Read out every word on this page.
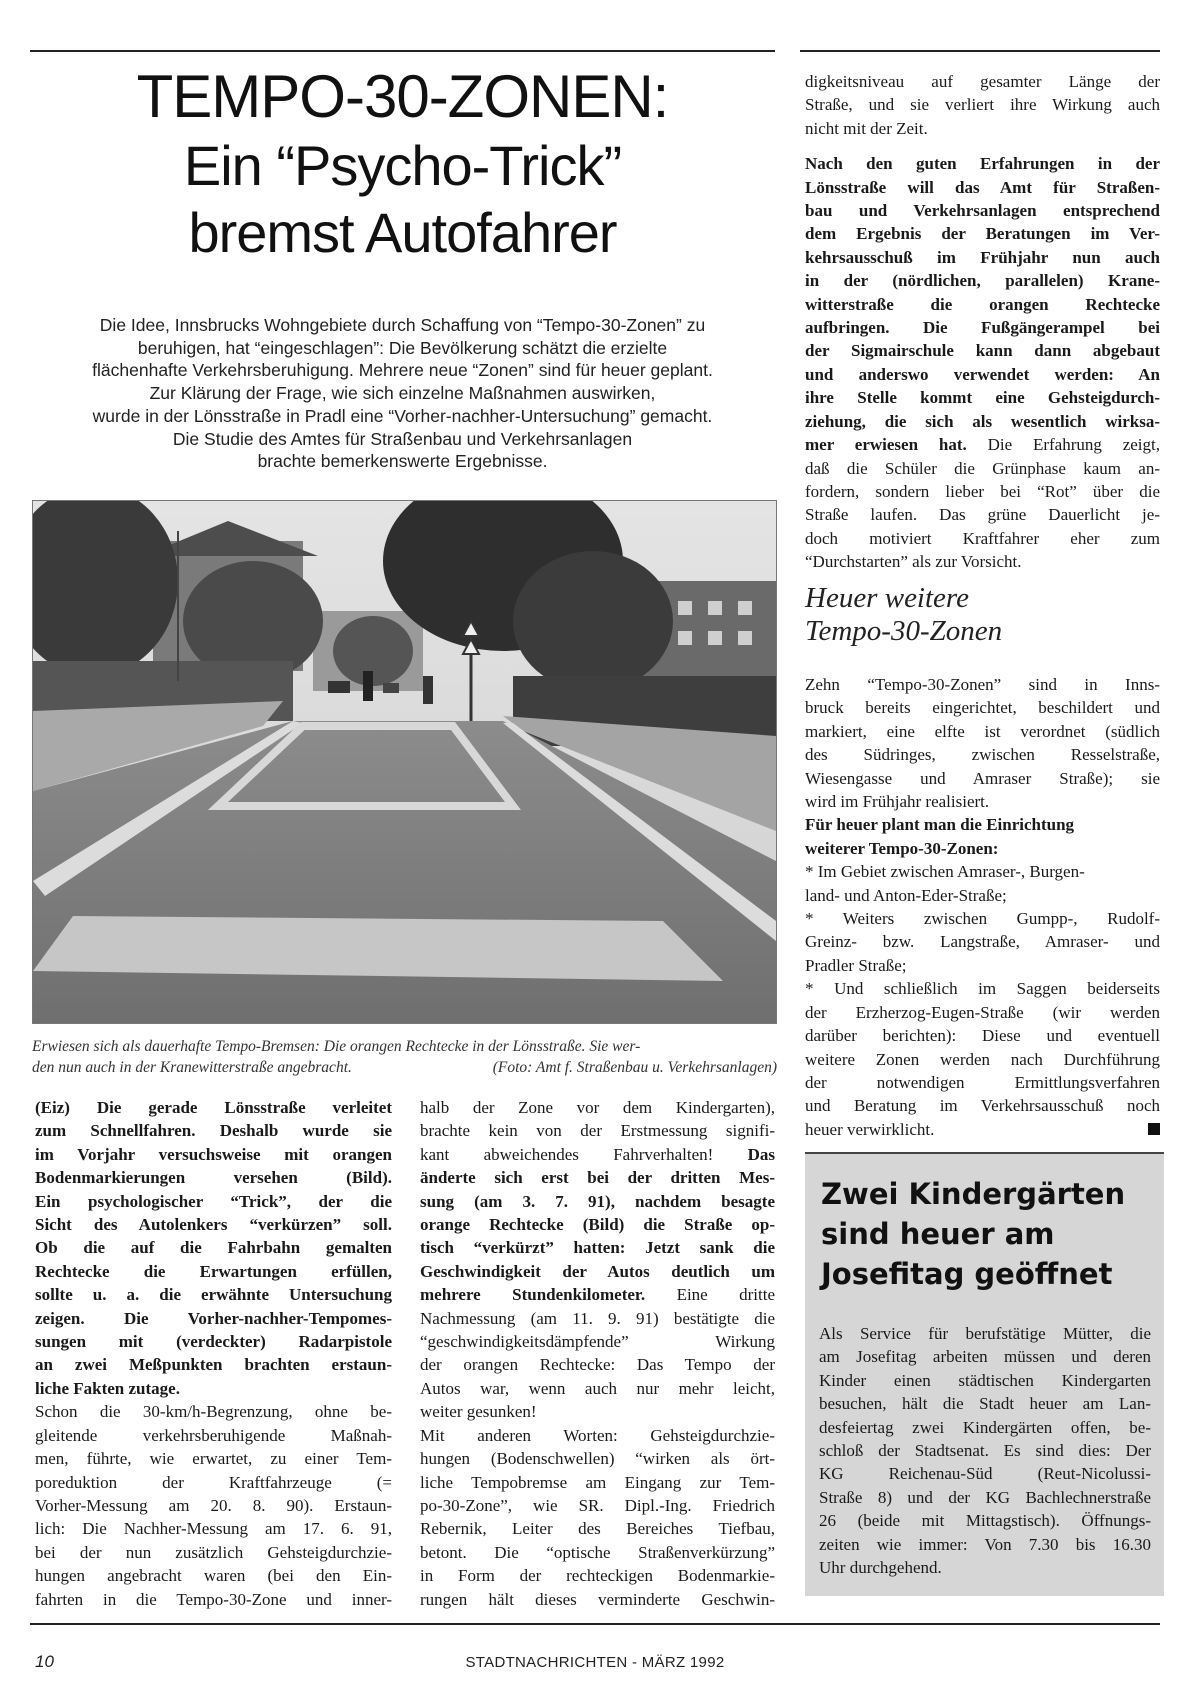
TEMPO-30-ZONEN:
Ein “Psycho-Trick”
bremst Autofahrer
Die Idee, Innsbrucks Wohngebiete durch Schaffung von “Tempo-30-Zonen” zu
beruhigen, hat “eingeschlagen”: Die Bevölkerung schätzt die erzielte
flächenhafte Verkehrsberuhigung. Mehrere neue “Zonen” sind für heuer geplant.
Zur Klärung der Frage, wie sich einzelne Maßnahmen auswirken,
wurde in der Lönsstraße in Pradl eine “Vorher-nachher-Untersuchung” gemacht.
Die Studie des Amtes für Straßenbau und Verkehrsanlagen
brachte bemerkenswerte Ergebnisse.
Erwiesen sich als dauerhafte Tempo-Bremsen: Die orangen Rechtecke in der Lönsstraße. Sie wer-
den nun auch in der Kranewitterstraße angebracht.	(Foto: Amt f. Straßenbau u. Verkehrsanlagen)
(Eiz) Die gerade Lönsstraße verleitet
zum Schnellfahren. Deshalb wurde sie
im Vorjahr versuchsweise mit orangen
Bodenmarkierungen versehen (Bild).
Ein psychologischer “Trick”, der die
Sicht des Autolenkers “verkürzen” soll.
Ob die auf die Fahrbahn gemalten
Rechtecke die Erwartungen erfüllen,
sollte u. a. die erwähnte Untersuchung
zeigen. Die Vorher-nachher-Tempomes-
sungen mit (verdeckter) Radarpistole
an zwei Meßpunkten brachten erstaun-
liche Fakten zutage.
Schon die 30-km/h-Begrenzung, ohne be-
gleitende verkehrsberuhigende Maßnah-
men, führte, wie erwartet, zu einer Tem-
poreduktion der Kraftfahrzeuge (=
Vorher-Messung am 20. 8. 90). Erstaun-
lich: Die Nachher-Messung am 17. 6. 91,
bei der nun zusätzlich Gehsteigdurchzie-
hungen angebracht waren (bei den Ein-
fahrten in die Tempo-30-Zone und inner-
halb der Zone vor dem Kindergarten),
brachte kein von der Erstmessung signifi-
kant abweichendes Fahrverhalten! Das
änderte sich erst bei der dritten Mes-
sung (am 3. 7. 91), nachdem besagte
orange Rechtecke (Bild) die Straße op-
tisch “verkürzt” hatten: Jetzt sank die
Geschwindigkeit der Autos deutlich um
mehrere Stundenkilometer. Eine dritte
Nachmessung (am 11. 9. 91) bestätigte die
“geschwindigkeitsdämpfende” Wirkung
der orangen Rechtecke: Das Tempo der
Autos war, wenn auch nur mehr leicht,
weiter gesunken!
Mit anderen Worten: Gehsteigdurchzie-
hungen (Bodenschwellen) “wirken als ört-
liche Tempobremse am Eingang zur Tem-
po-30-Zone”, wie SR. Dipl.-Ing. Friedrich
Rebernik, Leiter des Bereiches Tiefbau,
betont. Die “optische Straßenverkürzung”
in Form der rechteckigen Bodenmarkie-
rungen hält dieses verminderte Geschwin-
digkeitsniveau auf gesamter Länge der
Straße, und sie verliert ihre Wirkung auch
nicht mit der Zeit.
Nach den guten Erfahrungen in der
Lönsstraße will das Amt für Straßen-
bau und Verkehrsanlagen entsprechend
dem Ergebnis der Beratungen im Ver-
kehrsausschuß im Frühjahr nun auch
in der (nördlichen, parallelen) Krane-
witterstraße die orangen Rechtecke
aufbringen. Die Fußgängerampel bei
der Sigmairschule kann dann abgebaut
und anderswo verwendet werden: An
ihre Stelle kommt eine Gehsteigdurch-
ziehung, die sich als wesentlich wirksa-
mer erwiesen hat. Die Erfahrung zeigt,
daß die Schüler die Grünphase kaum an-
fordern, sondern lieber bei “Rot” über die
Straße laufen. Das grüne Dauerlicht je-
doch motiviert Kraftfahrer eher zum
“Durchstarten” als zur Vorsicht.
Heuer weitere
Tempo-30-Zonen
Zehn “Tempo-30-Zonen” sind in Inns-
bruck bereits eingerichtet, beschildert und
markiert, eine elfte ist verordnet (südlich
des Südringes, zwischen Resselstraße,
Wiesengasse und Amraser Straße); sie
wird im Frühjahr realisiert.
Für heuer plant man die Einrichtung
weiterer Tempo-30-Zonen:
* Im Gebiet zwischen Amraser-, Burgen-
land- und Anton-Eder-Straße;
* Weiters zwischen Gumpp-, Rudolf-
Greinz- bzw. Langstraße, Amraser- und
Pradler Straße;
* Und schließlich im Saggen beiderseits
der Erzherzog-Eugen-Straße (wir werden
darüber berichten): Diese und eventuell
weitere Zonen werden nach Durchführung
der notwendigen Ermittlungsverfahren
und Beratung im Verkehrsausschuß noch
heuer verwirklicht.
Zwei Kindergärten
sind heuer am
Josefitag geöffnet
Als Service für berufstätige Mütter, die
am Josefitag arbeiten müssen und deren
Kinder einen städtischen Kindergarten
besuchen, hält die Stadt heuer am Lan-
desfeiertag zwei Kindergärten offen, be-
schloß der Stadtsenat. Es sind dies: Der
KG Reichenau-Süd (Reut-Nicolussi-
Straße 8) und der KG Bachlechnerstraße
26 (beide mit Mittagstisch). Öffnungs-
zeiten wie immer: Von 7.30 bis 16.30
Uhr durchgehend.
10	STADTNACHRICHTEN - MÄRZ 1992
